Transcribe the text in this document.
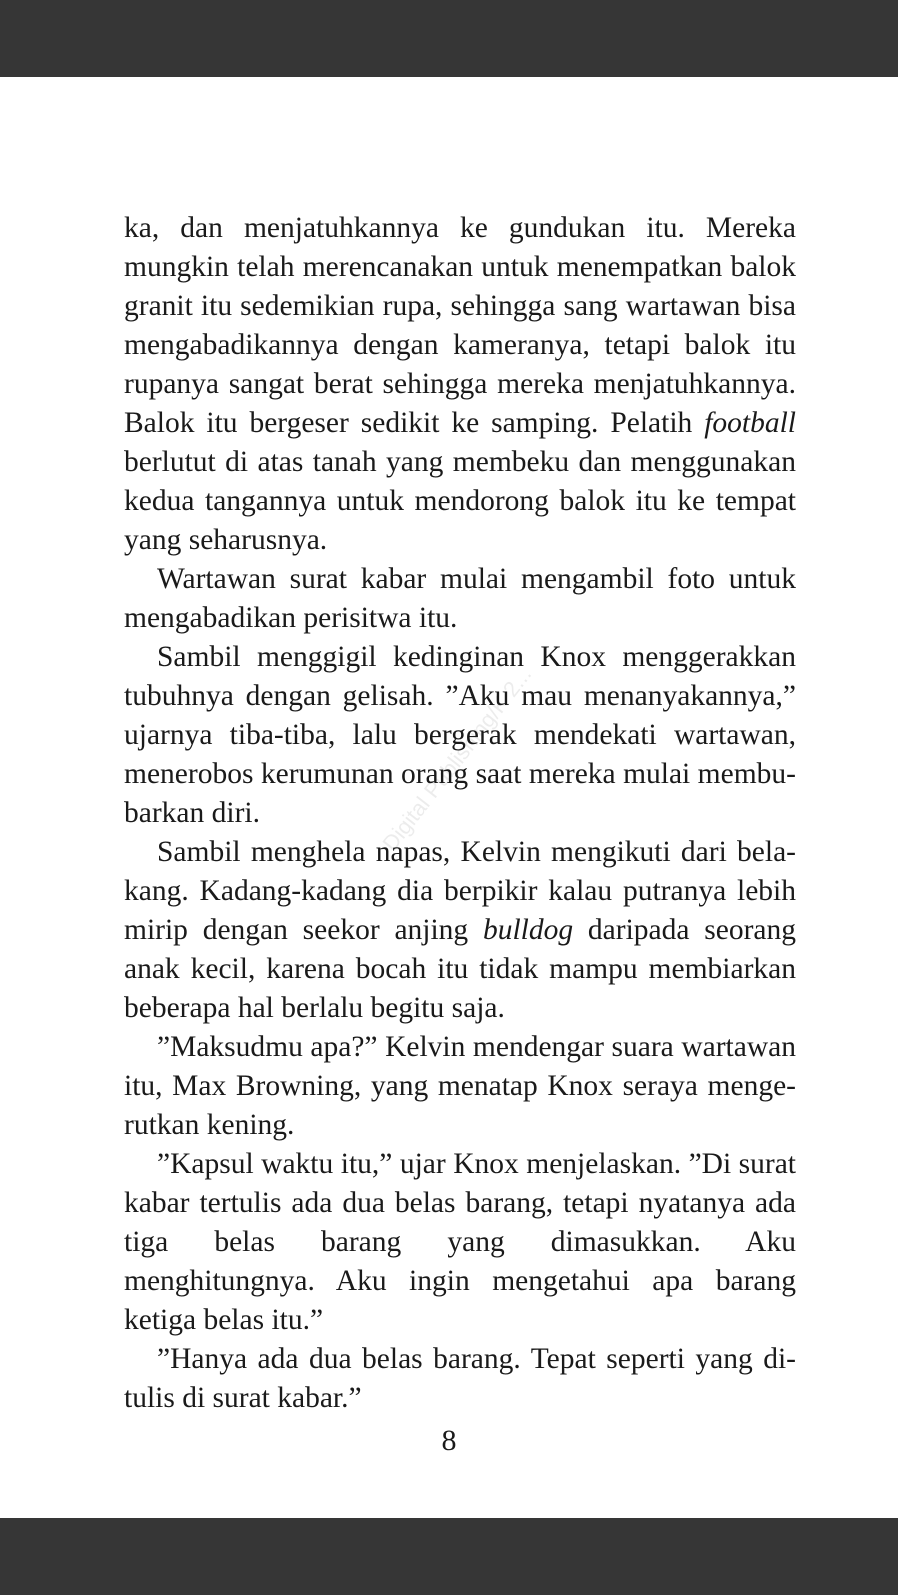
Digital Publishing/K 2...

ka, dan menjatuhkannya ke gundukan itu. Mereka mungkin telah merencanakan untuk menempatkan balok granit itu sedemikian rupa, sehingga sang wartawan bisa mengabadikannya dengan kameranya, tetapi balok itu rupanya sangat berat sehingga mereka menjatuhkannya. Balok itu bergeser sedikit ke samping. Pelatih football berlutut di atas tanah yang membeku dan menggunakan kedua tangannya untuk mendorong balok itu ke tempat yang seharusnya.

Wartawan surat kabar mulai mengambil foto untuk mengabadikan perisitwa itu.

Sambil menggigil kedinginan Knox menggerakkan tubuhnya dengan gelisah. ”Aku mau menanyakannya,” ujarnya tiba-tiba, lalu bergerak mendekati wartawan, menerobos kerumunan orang saat mereka mulai membubarkan diri.

Sambil menghela napas, Kelvin mengikuti dari belakang. Kadang-kadang dia berpikir kalau putranya lebih mirip dengan seekor anjing bulldog daripada seorang anak kecil, karena bocah itu tidak mampu membiarkan beberapa hal berlalu begitu saja.

”Maksudmu apa?” Kelvin mendengar suara wartawan itu, Max Browning, yang menatap Knox seraya mengerutkan kening.

”Kapsul waktu itu,” ujar Knox menjelaskan. ”Di surat kabar tertulis ada dua belas barang, tetapi nyatanya ada tiga belas barang yang dimasukkan. Aku menghitungnya. Aku ingin mengetahui apa barang ketiga belas itu.”

”Hanya ada dua belas barang. Tepat seperti yang ditulis di surat kabar.”

8
